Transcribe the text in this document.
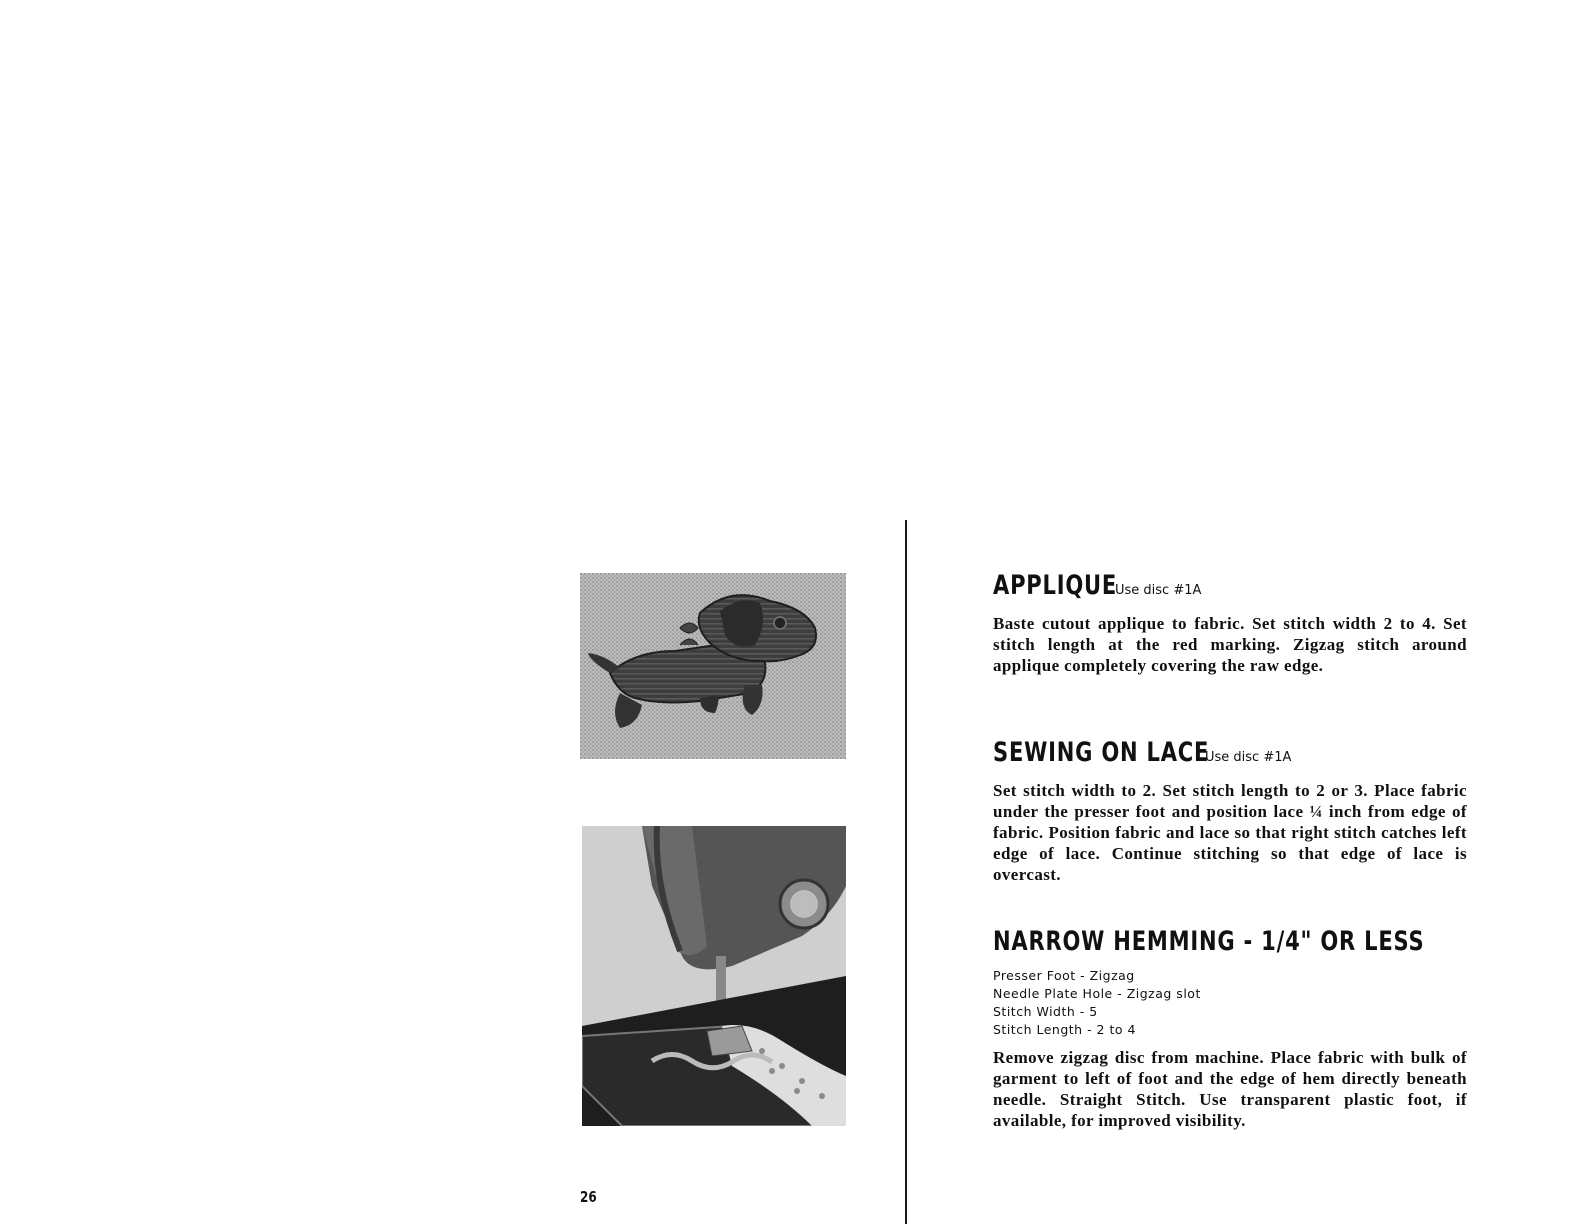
26
APPLIQUE
Use disc #1A

Baste cutout applique to fabric. Set stitch width 2 to 4. Set stitch length at the red marking. Zigzag stitch around applique completely covering the raw edge.

SEWING ON LACE
Use disc #1A

Set stitch width to 2. Set stitch length to 2 or 3. Place fabric under the presser foot and position lace ¼ inch from edge of fabric. Position fabric and lace so that right stitch catches left edge of lace. Continue stitching so that edge of lace is overcast.

NARROW HEMMING - 1/4" OR LESS
Presser Foot - Zigzag
Needle Plate Hole - Zigzag slot
Stitch Width - 5
Stitch Length - 2 to 4

Remove zigzag disc from machine. Place fabric with bulk of garment to left of foot and the edge of hem directly beneath needle. Straight Stitch. Use transparent plastic foot, if available, for improved visibility.
